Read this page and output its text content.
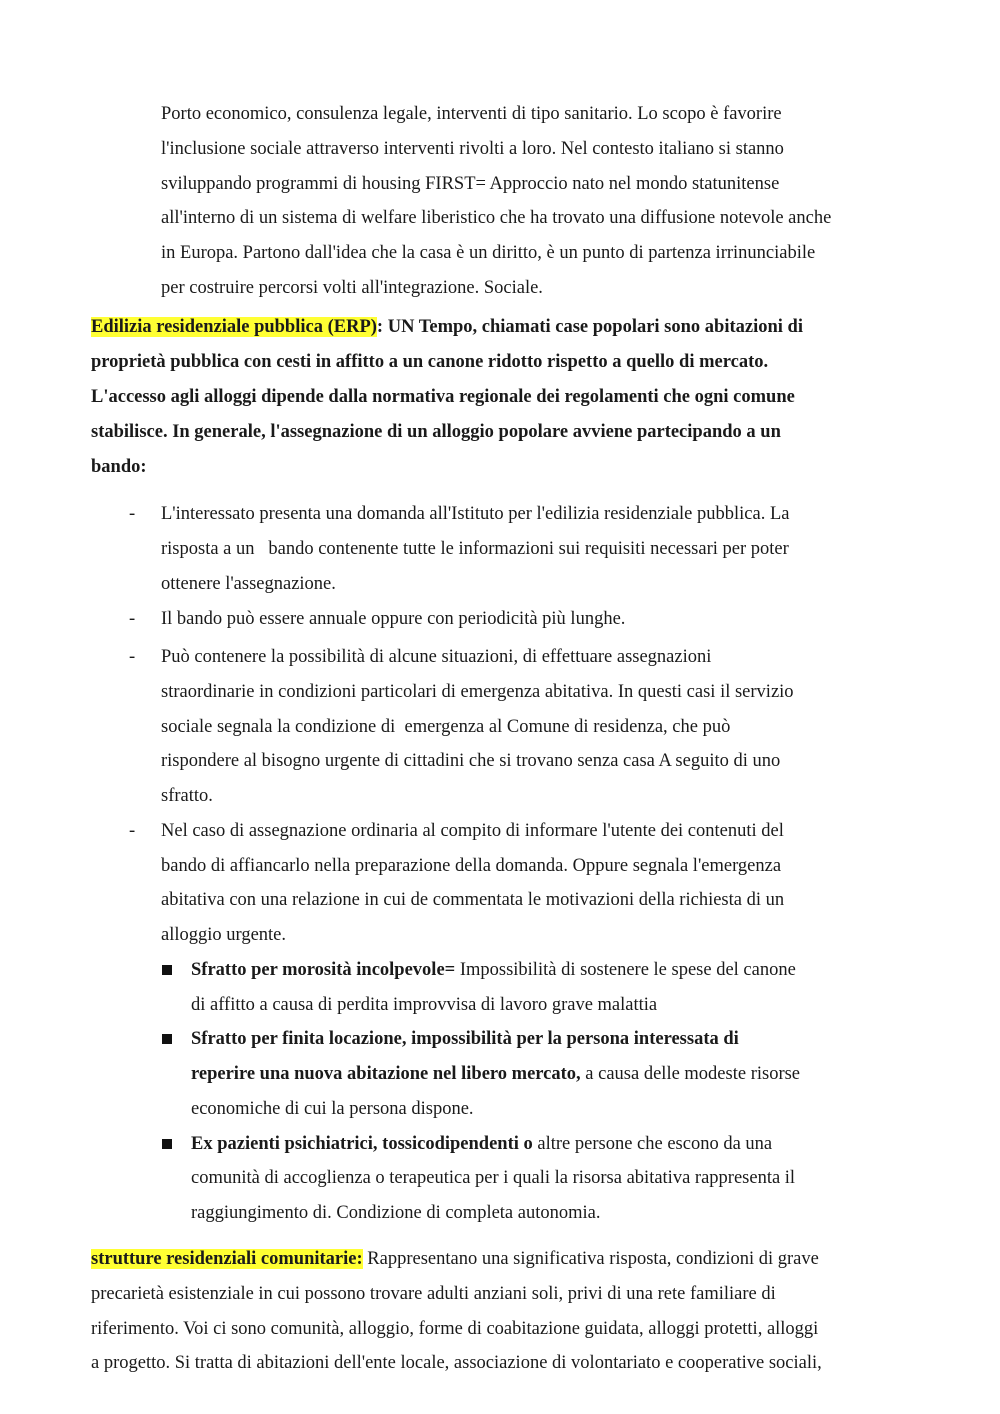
Porto economico, consulenza legale, interventi di tipo sanitario. Lo scopo è favorire
l'inclusione sociale attraverso interventi rivolti a loro. Nel contesto italiano si stanno
sviluppando programmi di housing FIRST= Approccio nato nel mondo statunitense
all'interno di un sistema di welfare liberistico che ha trovato una diffusione notevole anche
in Europa. Partono dall'idea che la casa è un diritto, è un punto di partenza irrinunciabile
per costruire percorsi volti all'integrazione. Sociale.
Edilizia residenziale pubblica (ERP): UN Tempo, chiamati case popolari sono abitazioni di
proprietà pubblica con cesti in affitto a un canone ridotto rispetto a quello di mercato.
L'accesso agli alloggi dipende dalla normativa regionale dei regolamenti che ogni comune
stabilisce. In generale, l'assegnazione di un alloggio popolare avviene partecipando a un
bando:
- L'interessato presenta una domanda all'Istituto per l'edilizia residenziale pubblica. La
risposta a un   bando contenente tutte le informazioni sui requisiti necessari per poter
ottenere l'assegnazione.
- Il bando può essere annuale oppure con periodicità più lunghe.
- Può contenere la possibilità di alcune situazioni, di effettuare assegnazioni
straordinarie in condizioni particolari di emergenza abitativa. In questi casi il servizio
sociale segnala la condizione di  emergenza al Comune di residenza, che può
rispondere al bisogno urgente di cittadini che si trovano senza casa A seguito di uno
sfratto.
- Nel caso di assegnazione ordinaria al compito di informare l'utente dei contenuti del
bando di affiancarlo nella preparazione della domanda. Oppure segnala l'emergenza
abitativa con una relazione in cui de commentata le motivazioni della richiesta di un
alloggio urgente.
Sfratto per morosità incolpevole= Impossibilità di sostenere le spese del canone
di affitto a causa di perdita improvvisa di lavoro grave malattia
Sfratto per finita locazione, impossibilità per la persona interessata di
reperire una nuova abitazione nel libero mercato, a causa delle modeste risorse
economiche di cui la persona dispone.
Ex pazienti psichiatrici, tossicodipendenti o altre persone che escono da una
comunità di accoglienza o terapeutica per i quali la risorsa abitativa rappresenta il
raggiungimento di. Condizione di completa autonomia.
strutture residenziali comunitarie: Rappresentano una significativa risposta, condizioni di grave
precarietà esistenziale in cui possono trovare adulti anziani soli, privi di una rete familiare di
riferimento. Voi ci sono comunità, alloggio, forme di coabitazione guidata, alloggi protetti, alloggi
a progetto. Si tratta di abitazioni dell'ente locale, associazione di volontariato e cooperative sociali,
